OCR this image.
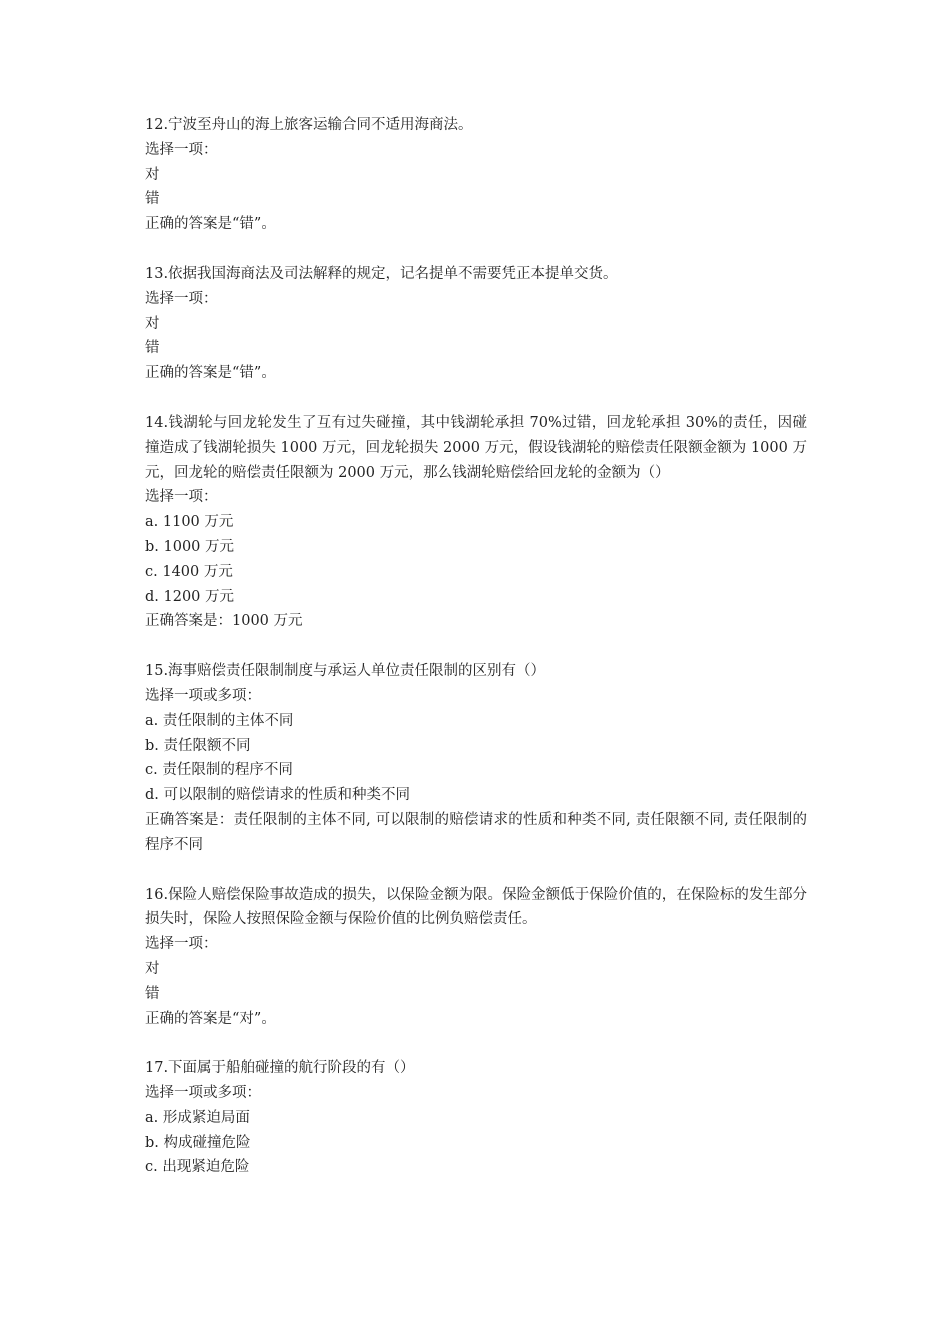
12.宁波至舟山的海上旅客运输合同不适用海商法。

选择一项：

对

错

正确的答案是“错”。

13.依据我国海商法及司法解释的规定，记名提单不需要凭正本提单交货。

选择一项：

对

错

正确的答案是“错”。

14.钱湖轮与回龙轮发生了互有过失碰撞，其中钱湖轮承担 70%过错，回龙轮承担 30%的责任，因碰撞造成了钱湖轮损失 1000 万元，回龙轮损失 2000 万元，假设钱湖轮的赔偿责任限额金额为 1000 万元，回龙轮的赔偿责任限额为 2000 万元，那么钱湖轮赔偿给回龙轮的金额为（）

选择一项：

a. 1100 万元

b. 1000 万元

c. 1400 万元

d. 1200 万元

正确答案是：1000 万元

15.海事赔偿责任限制制度与承运人单位责任限制的区别有（）

选择一项或多项：

a. 责任限制的主体不同

b. 责任限额不同

c. 责任限制的程序不同

d. 可以限制的赔偿请求的性质和种类不同

正确答案是：责任限制的主体不同, 可以限制的赔偿请求的性质和种类不同, 责任限额不同, 责任限制的程序不同

16.保险人赔偿保险事故造成的损失，以保险金额为限。保险金额低于保险价值的，在保险标的发生部分损失时，保险人按照保险金额与保险价值的比例负赔偿责任。

选择一项：

对

错

正确的答案是“对”。

17.下面属于船舶碰撞的航行阶段的有（）

选择一项或多项：

a. 形成紧迫局面

b. 构成碰撞危险

c. 出现紧迫危险
